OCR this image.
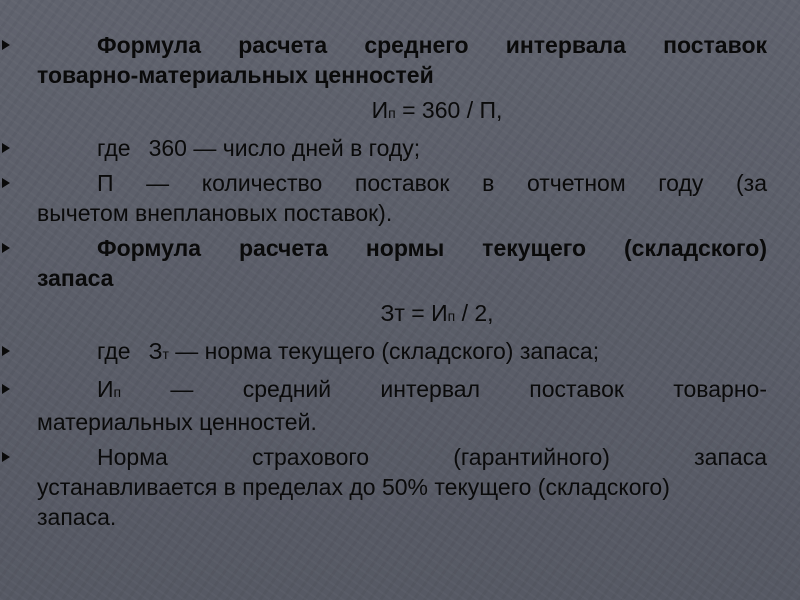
Формула расчета среднего интервала поставок
товарно-материальных ценностей
Ип = 360 / П,
где 360 — число дней в году;
П — количество поставок в отчетном году (за
вычетом внеплановых поставок).
Формула расчета нормы текущего (складского)
запаса
Зт = Ип / 2,
где Зт — норма текущего (складского) запаса;
Ип — средний интервал поставок товарно-
материальных ценностей.
Норма страхового (гарантийного) запаса
устанавливается в пределах до 50% текущего (складского)
запаса.
